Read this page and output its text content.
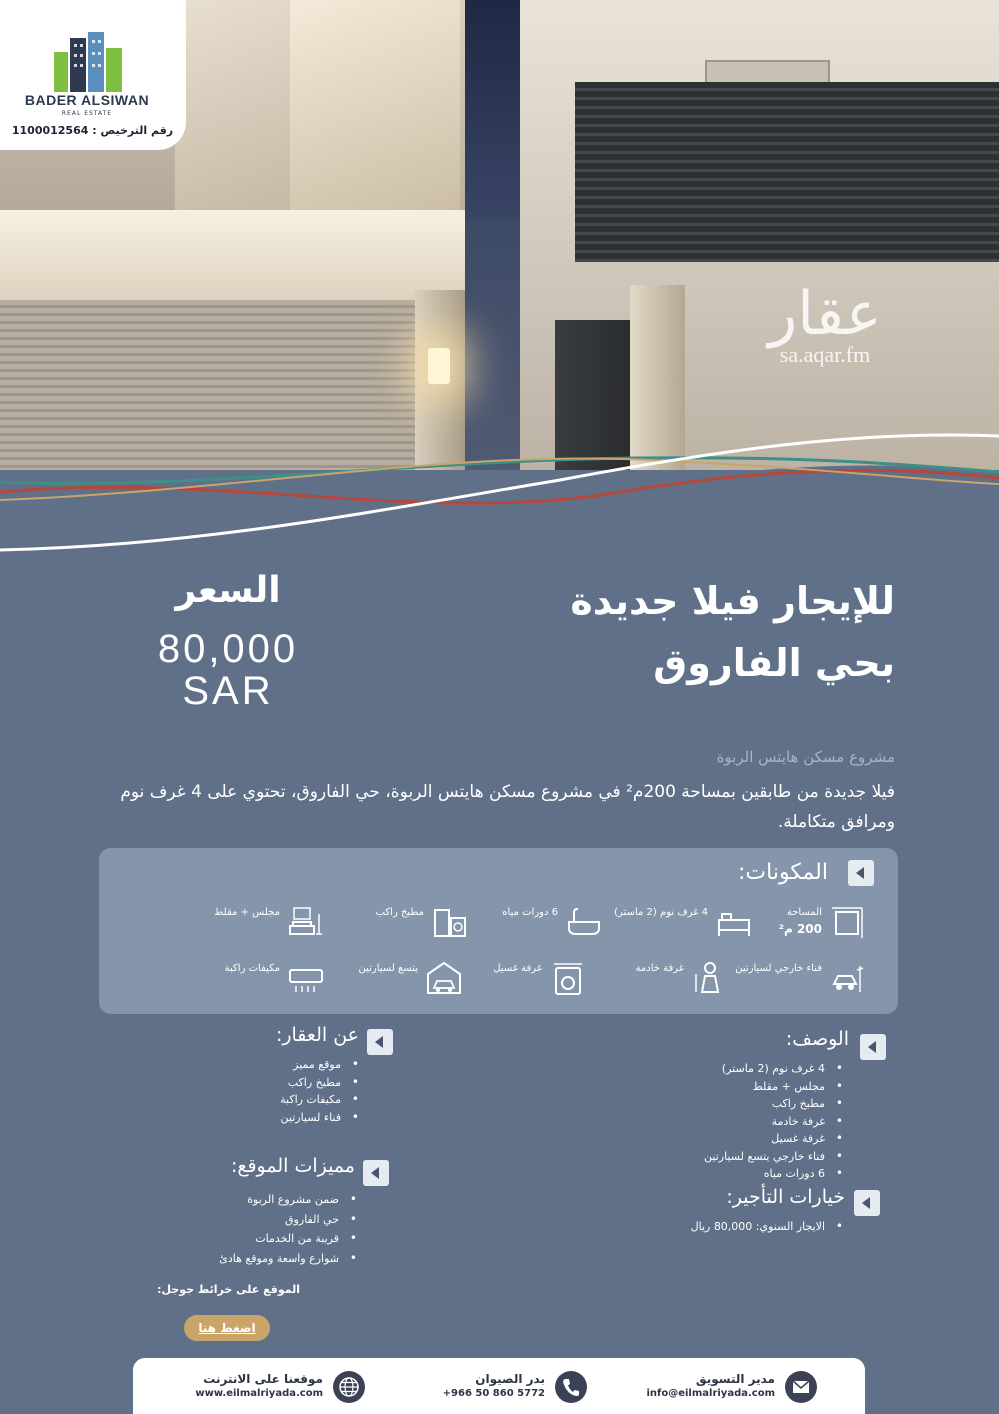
عقار
sa.aqar.fm
BADER ALSIWAN
REAL ESTATE
رقم الترخيص : 1100012564
للإيجار فيلا جديدة بحي الفاروق
مشروع مسكن هايتس الربوة
فيلا جديدة من طابقين بمساحة 200م² في مشروع مسكن هايتس الربوة، حي الفاروق، تحتوي على 4 غرف نوم ومرافق متكاملة.
السعر
80,000
SAR
المكونات:
المساحة
200 م²
4 غرف نوم (2 ماستر)
6 دورات مياه
مطبخ راكب
مجلس + مقلط
فناء خارجي لسيارتين
غرفة خادمة
غرفة غسيل
يتسع لسيارتين
مكيفات راكبة
الوصف:
• 4 غرف نوم (2 ماستر)
• مجلس + مقلط
• مطبخ راكب
• غرفة خادمة
• غرفة غسيل
• فناء خارجي يتسع لسيارتين
• 6 دورات مياه
خيارات التأجير:
• الايجار السنوي: 80,000 ريال
عن العقار:
• موقع مميز
• مطبخ راكب
• مكيفات راكبة
• فناء لسيارتين
مميزات الموقع:
• ضمن مشروع الربوة
• حي الفاروق
• قريبة من الخدمات
• شوارع واسعة وموقع هادئ
الموقع على خرائط جوجل:
اضغط هنا
مدير التسويق
info@eilmalriyada.com
بدر الصيوان
+966 50 860 5772
موقعنا على الانترنت
www.eilmalriyada.com
